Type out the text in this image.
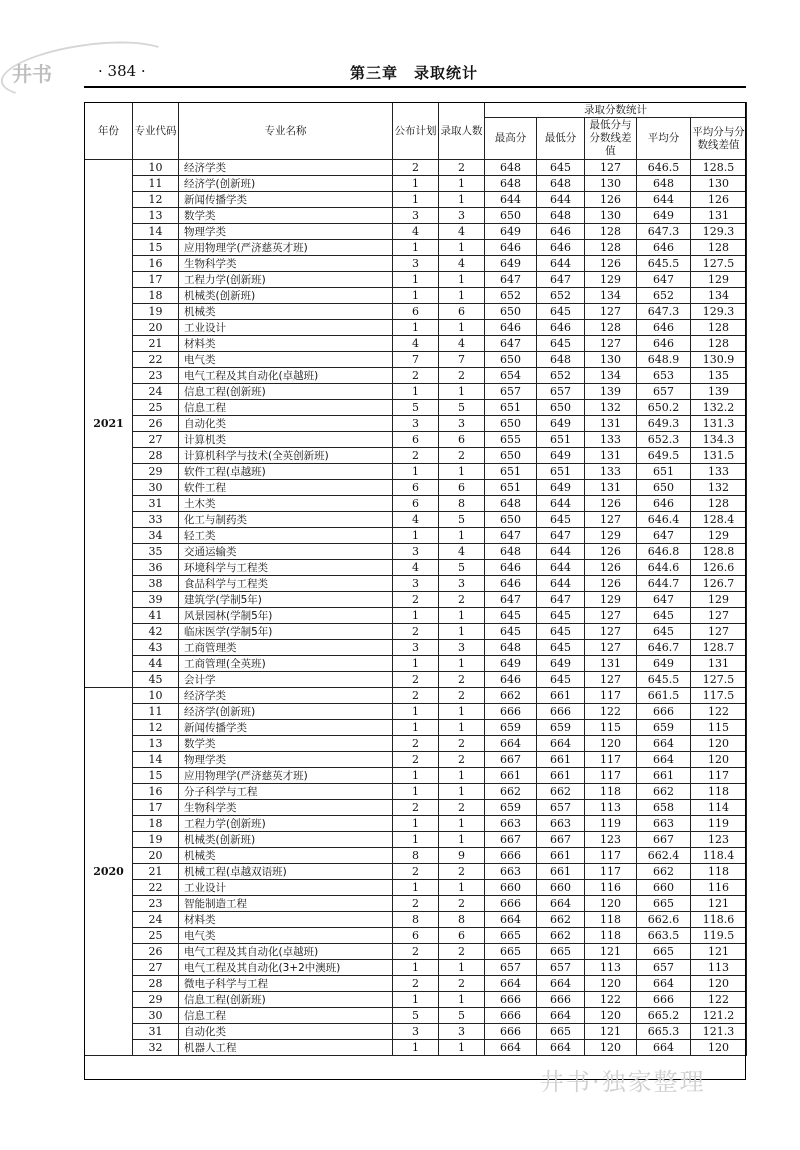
井书	· 384 ·	第三章　录取统计
年份	专业代码	专业名称	公布计划	录取人数	录取分数统计				
					最高分	最低分	最低分与分数线差值	平均分	平均分与分数线差值
2021	10	经济学类	2	2	648	645	127	646.5	128.5
	11	经济学(创新班)	1	1	648	648	130	648	130
	12	新闻传播学类	1	1	644	644	126	644	126
	13	数学类	3	3	650	648	130	649	131
	14	物理学类	4	4	649	646	128	647.3	129.3
	15	应用物理学(严济慈英才班)	1	1	646	646	128	646	128
	16	生物科学类	3	4	649	644	126	645.5	127.5
	17	工程力学(创新班)	1	1	647	647	129	647	129
	18	机械类(创新班)	1	1	652	652	134	652	134
	19	机械类	6	6	650	645	127	647.3	129.3
	20	工业设计	1	1	646	646	128	646	128
	21	材料类	4	4	647	645	127	646	128
	22	电气类	7	7	650	648	130	648.9	130.9
	23	电气工程及其自动化(卓越班)	2	2	654	652	134	653	135
	24	信息工程(创新班)	1	1	657	657	139	657	139
	25	信息工程	5	5	651	650	132	650.2	132.2
	26	自动化类	3	3	650	649	131	649.3	131.3
	27	计算机类	6	6	655	651	133	652.3	134.3
	28	计算机科学与技术(全英创新班)	2	2	650	649	131	649.5	131.5
	29	软件工程(卓越班)	1	1	651	651	133	651	133
	30	软件工程	6	6	651	649	131	650	132
	31	土木类	6	8	648	644	126	646	128
	33	化工与制药类	4	5	650	645	127	646.4	128.4
	34	轻工类	1	1	647	647	129	647	129
	35	交通运输类	3	4	648	644	126	646.8	128.8
	36	环境科学与工程类	4	5	646	644	126	644.6	126.6
	38	食品科学与工程类	3	3	646	644	126	644.7	126.7
	39	建筑学(学制5年)	2	2	647	647	129	647	129
	41	风景园林(学制5年)	1	1	645	645	127	645	127
	42	临床医学(学制5年)	2	1	645	645	127	645	127
	43	工商管理类	3	3	648	645	127	646.7	128.7
	44	工商管理(全英班)	1	1	649	649	131	649	131
	45	会计学	2	2	646	645	127	645.5	127.5
2020	10	经济学类	2	2	662	661	117	661.5	117.5
	11	经济学(创新班)	1	1	666	666	122	666	122
	12	新闻传播学类	1	1	659	659	115	659	115
	13	数学类	2	2	664	664	120	664	120
	14	物理学类	2	2	667	661	117	664	120
	15	应用物理学(严济慈英才班)	1	1	661	661	117	661	117
	16	分子科学与工程	1	1	662	662	118	662	118
	17	生物科学类	2	2	659	657	113	658	114
	18	工程力学(创新班)	1	1	663	663	119	663	119
	19	机械类(创新班)	1	1	667	667	123	667	123
	20	机械类	8	9	666	661	117	662.4	118.4
	21	机械工程(卓越双语班)	2	2	663	661	117	662	118
	22	工业设计	1	1	660	660	116	660	116
	23	智能制造工程	2	2	666	664	120	665	121
	24	材料类	8	8	664	662	118	662.6	118.6
	25	电气类	6	6	665	662	118	663.5	119.5
	26	电气工程及其自动化(卓越班)	2	2	665	665	121	665	121
	27	电气工程及其自动化(3+2中澳班)	1	1	657	657	113	657	113
	28	微电子科学与工程	2	2	664	664	120	664	120
	29	信息工程(创新班)	1	1	666	666	122	666	122
	30	信息工程	5	5	666	664	120	665.2	121.2
	31	自动化类	3	3	666	665	121	665.3	121.3
	32	机器人工程	1	1	664	664	120	664	120
井书·独家整理
